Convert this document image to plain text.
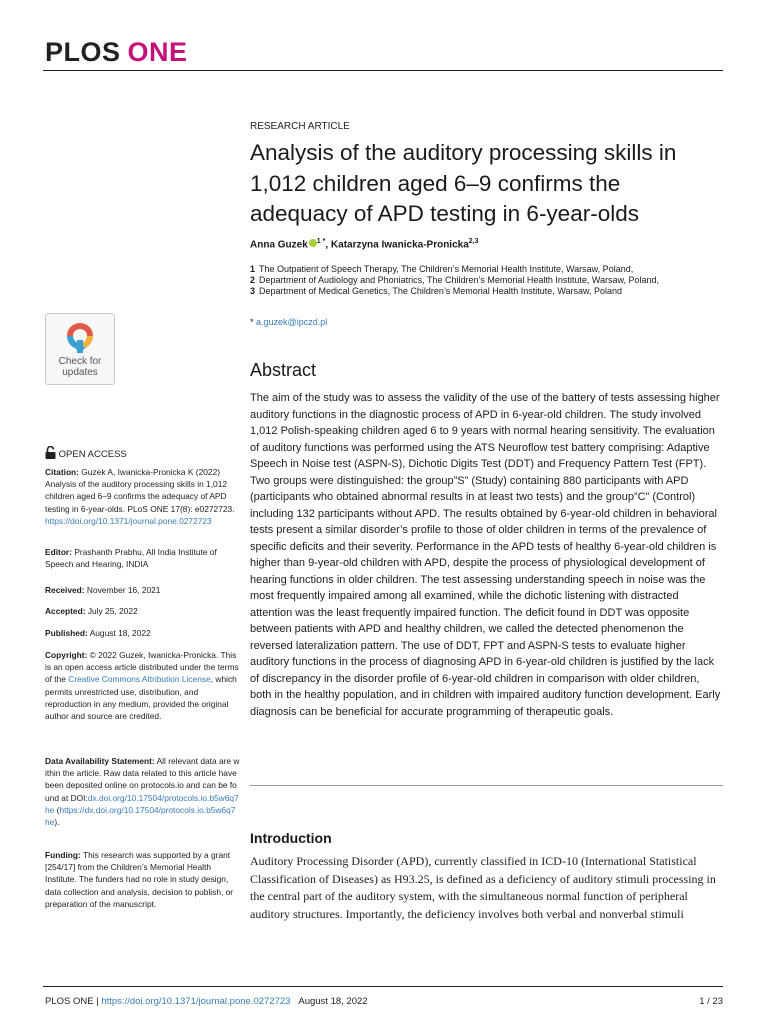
PLOS ONE
RESEARCH ARTICLE
Analysis of the auditory processing skills in 1,012 children aged 6–9 confirms the adequacy of APD testing in 6-year-olds
Anna Guzek $^{1 *}$, Katarzyna Iwanicka-Pronicka$^{2,3}$
1 The Outpatient of Speech Therapy, The Children’s Memorial Health Institute, Warsaw, Poland,
2 Department of Audiology and Phoniatrics, The Children’s Memorial Health Institute, Warsaw, Poland,
3 Department of Medical Genetics, The Children’s Memorial Health Institute, Warsaw, Poland
* a.guzek@ipczd.pl
Check for
updates
OPEN ACCESS
Citation: Guzek A, Iwanicka-Pronicka K (2022) Analysis of the auditory processing skills in 1,012 children aged 6–9 confirms the adequacy of APD testing in 6-year-olds. PLoS ONE 17(8): e0272723. https://doi.org/10.1371/journal.pone.0272723
Editor: Prashanth Prabhu, All India Institute of Speech and Hearing, INDIA
Received: November 16, 2021
Accepted: July 25, 2022
Published: August 18, 2022
Copyright: © 2022 Guzek, Iwanicka-Pronicka. This is an open access article distributed under the terms of the Creative Commons Attribution License, which permits unrestricted use, distribution, and reproduction in any medium, provided the original author and source are credited.
Data Availability Statement: All relevant data are within the article. Raw data related to this article have been deposited online on protocols.io and can be found at DOI:dx.doi.org/10.17504/protocols.io.b5w6q7he (https://dx.doi.org/10.17504/protocols.io.b5w6q7he).
Funding: This research was supported by a grant [254/17] from the Children’s Memorial Health Institute. The funders had no role in study design, data collection and analysis, decision to publish, or preparation of the manuscript.
Abstract
The aim of the study was to assess the validity of the use of the battery of tests assessing higher auditory functions in the diagnostic process of APD in 6-year-old children. The study involved 1,012 Polish-speaking children aged 6 to 9 years with normal hearing sensitivity. The evaluation of auditory functions was performed using the ATS Neuroflow test battery comprising: Adaptive Speech in Noise test (ASPN-S), Dichotic Digits Test (DDT) and Frequency Pattern Test (FPT). Two groups were distinguished: the group”S” (Study) containing 880 participants with APD (participants who obtained abnormal results in at least two tests) and the group”C” (Control) including 132 participants without APD. The results obtained by 6-year-old children in behavioral tests present a similar disorder’s profile to those of older children in terms of the prevalence of specific deficits and their severity. Performance in the APD tests of healthy 6-year-old children is higher than 9-year-old children with APD, despite the process of physiological development of hearing functions in older children. The test assessing understanding speech in noise was the most frequently impaired among all examined, while the dichotic listening with distracted attention was the least frequently impaired function. The deficit found in DDT was opposite between patients with APD and healthy children, we called the detected phenomenon the reversed lateralization pattern. The use of DDT, FPT and ASPN-S tests to evaluate higher auditory functions in the process of diagnosing APD in 6-year-old children is justified by the lack of discrepancy in the disorder profile of 6-year-old children in comparison with older children, both in the healthy population, and in children with impaired auditory function development. Early diagnosis can be beneficial for accurate programming of therapeutic goals.
Introduction
Auditory Processing Disorder (APD), currently classified in ICD-10 (International Statistical Classification of Diseases) as H93.25, is defined as a deficiency of auditory stimuli processing in the central part of the auditory system, with the simultaneous normal function of peripheral auditory structures. Importantly, the deficiency involves both verbal and nonverbal stimuli
PLOS ONE | https://doi.org/10.1371/journal.pone.0272723 August 18, 2022	1 / 23
